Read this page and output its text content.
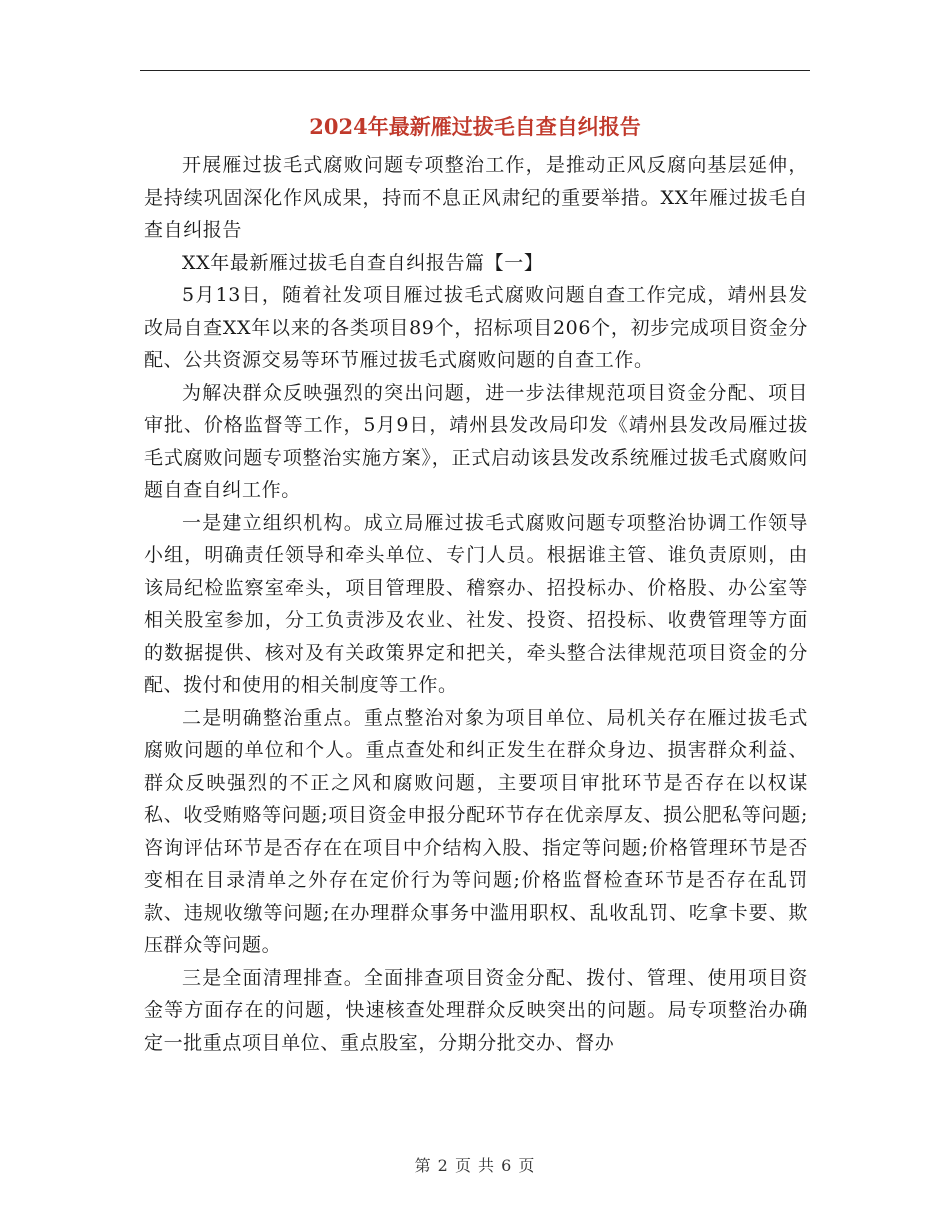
2024年最新雁过拔毛自查自纠报告

开展雁过拔毛式腐败问题专项整治工作，是推动正风反腐向基层延伸，是持续巩固深化作风成果，持而不息正风肃纪的重要举措。XX年雁过拔毛自查自纠报告

XX年最新雁过拔毛自查自纠报告篇【一】

5月13日，随着社发项目雁过拔毛式腐败问题自查工作完成，靖州县发改局自查XX年以来的各类项目89个，招标项目206个，初步完成项目资金分配、公共资源交易等环节雁过拔毛式腐败问题的自查工作。

为解决群众反映强烈的突出问题，进一步法律规范项目资金分配、项目审批、价格监督等工作，5月9日，靖州县发改局印发《靖州县发改局雁过拔毛式腐败问题专项整治实施方案》，正式启动该县发改系统雁过拔毛式腐败问题自查自纠工作。

一是建立组织机构。成立局雁过拔毛式腐败问题专项整治协调工作领导小组，明确责任领导和牵头单位、专门人员。根据谁主管、谁负责原则，由该局纪检监察室牵头，项目管理股、稽察办、招投标办、价格股、办公室等相关股室参加，分工负责涉及农业、社发、投资、招投标、收费管理等方面的数据提供、核对及有关政策界定和把关，牵头整合法律规范项目资金的分配、拨付和使用的相关制度等工作。

二是明确整治重点。重点整治对象为项目单位、局机关存在雁过拔毛式腐败问题的单位和个人。重点查处和纠正发生在群众身边、损害群众利益、群众反映强烈的不正之风和腐败问题，主要项目审批环节是否存在以权谋私、收受贿赂等问题;项目资金申报分配环节存在优亲厚友、损公肥私等问题;咨询评估环节是否存在在项目中介结构入股、指定等问题;价格管理环节是否变相在目录清单之外存在定价行为等问题;价格监督检查环节是否存在乱罚款、违规收缴等问题;在办理群众事务中滥用职权、乱收乱罚、吃拿卡要、欺压群众等问题。

三是全面清理排查。全面排查项目资金分配、拨付、管理、使用项目资金等方面存在的问题，快速核查处理群众反映突出的问题。局专项整治办确定一批重点项目单位、重点股室，分期分批交办、督办

第 2 页 共 6 页
